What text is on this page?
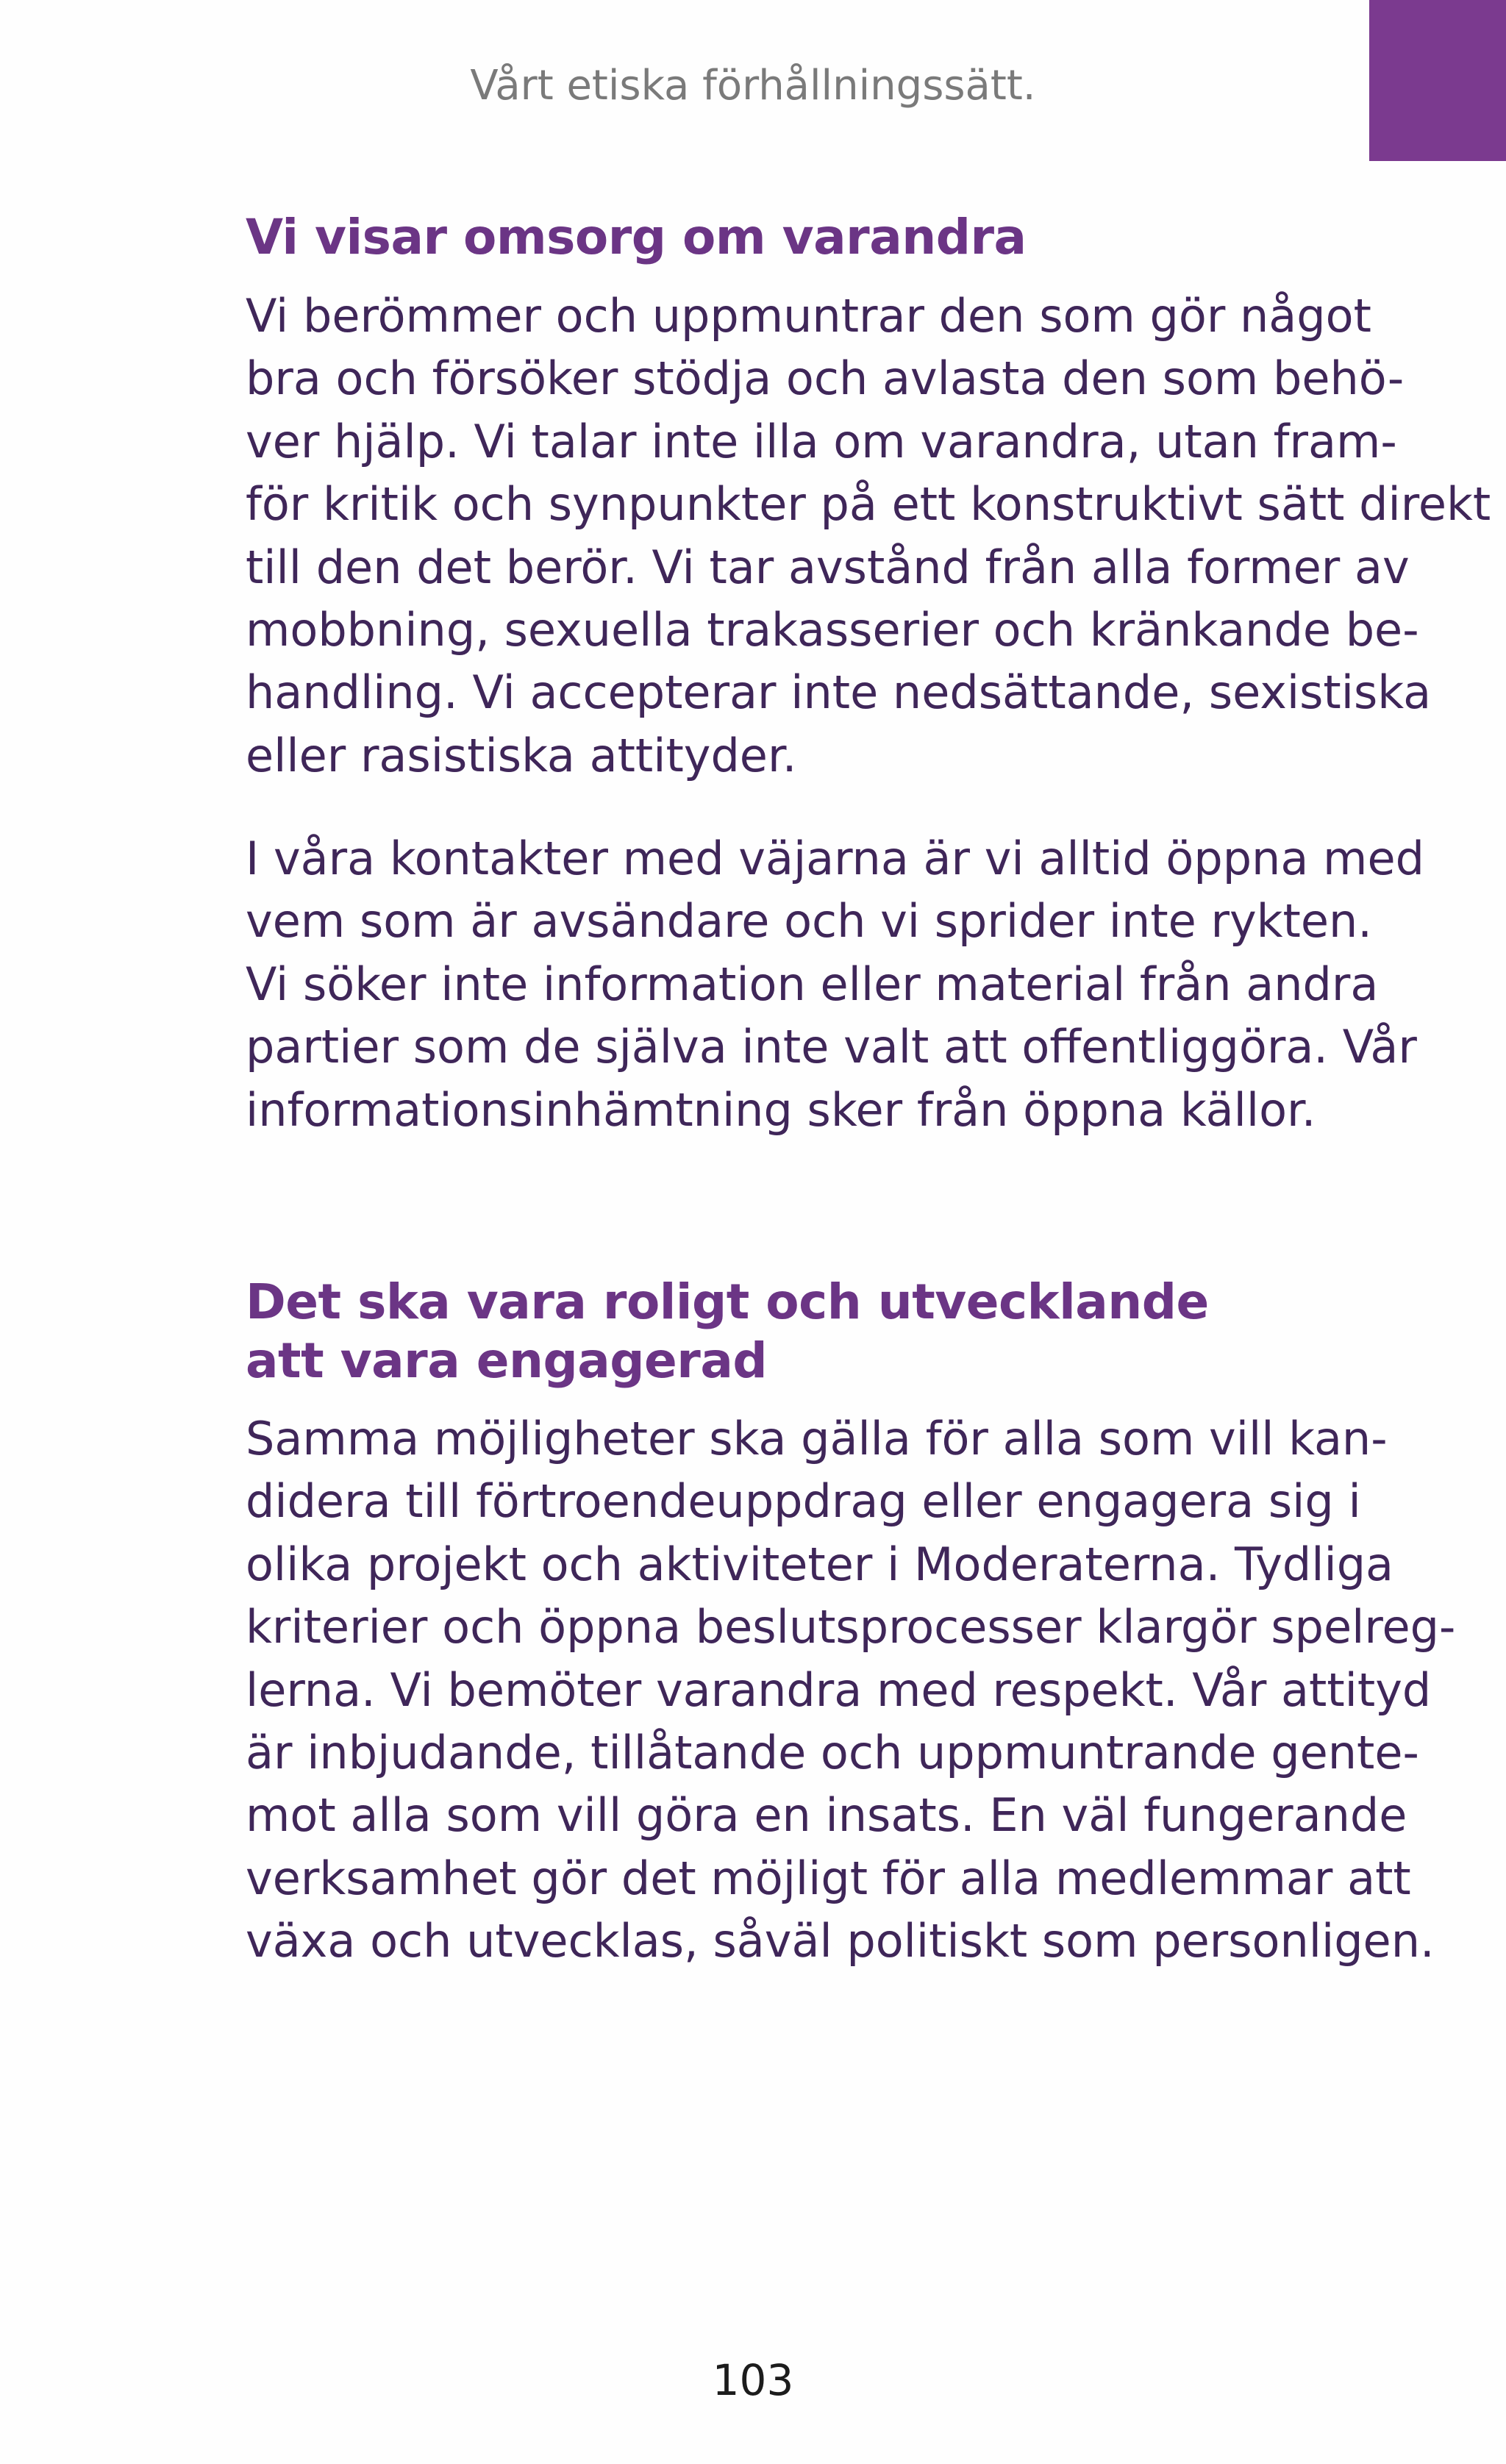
Vårt etiska förhållningssätt.
Vi visar omsorg om varandra

Vi berömmer och uppmuntrar den som gör något
bra och försöker stödja och avlasta den som behö-
ver hjälp. Vi talar inte illa om varandra, utan fram-
för kritik och synpunkter på ett konstruktivt sätt direkt
till den det berör. Vi tar avstånd från alla former av
mobbning, sexuella trakasserier och kränkande be-
handling. Vi accepterar inte nedsättande, sexistiska
eller rasistiska attityder.

I våra kontakter med väjarna är vi alltid öppna med
vem som är avsändare och vi sprider inte rykten.
Vi söker inte information eller material från andra
partier som de själva inte valt att offentliggöra. Vår
informationsinhämtning sker från öppna källor.

Det ska vara roligt och utvecklande
att vara engagerad

Samma möjligheter ska gälla för alla som vill kan-
didera till förtroendeuppdrag eller engagera sig i
olika projekt och aktiviteter i Moderaterna. Tydliga
kriterier och öppna beslutsprocesser klargör spelreg-
lerna. Vi bemöter varandra med respekt. Vår attityd
är inbjudande, tillåtande och uppmuntrande gente-
mot alla som vill göra en insats. En väl fungerande
verksamhet gör det möjligt för alla medlemmar att
växa och utvecklas, såväl politiskt som personligen.

103
